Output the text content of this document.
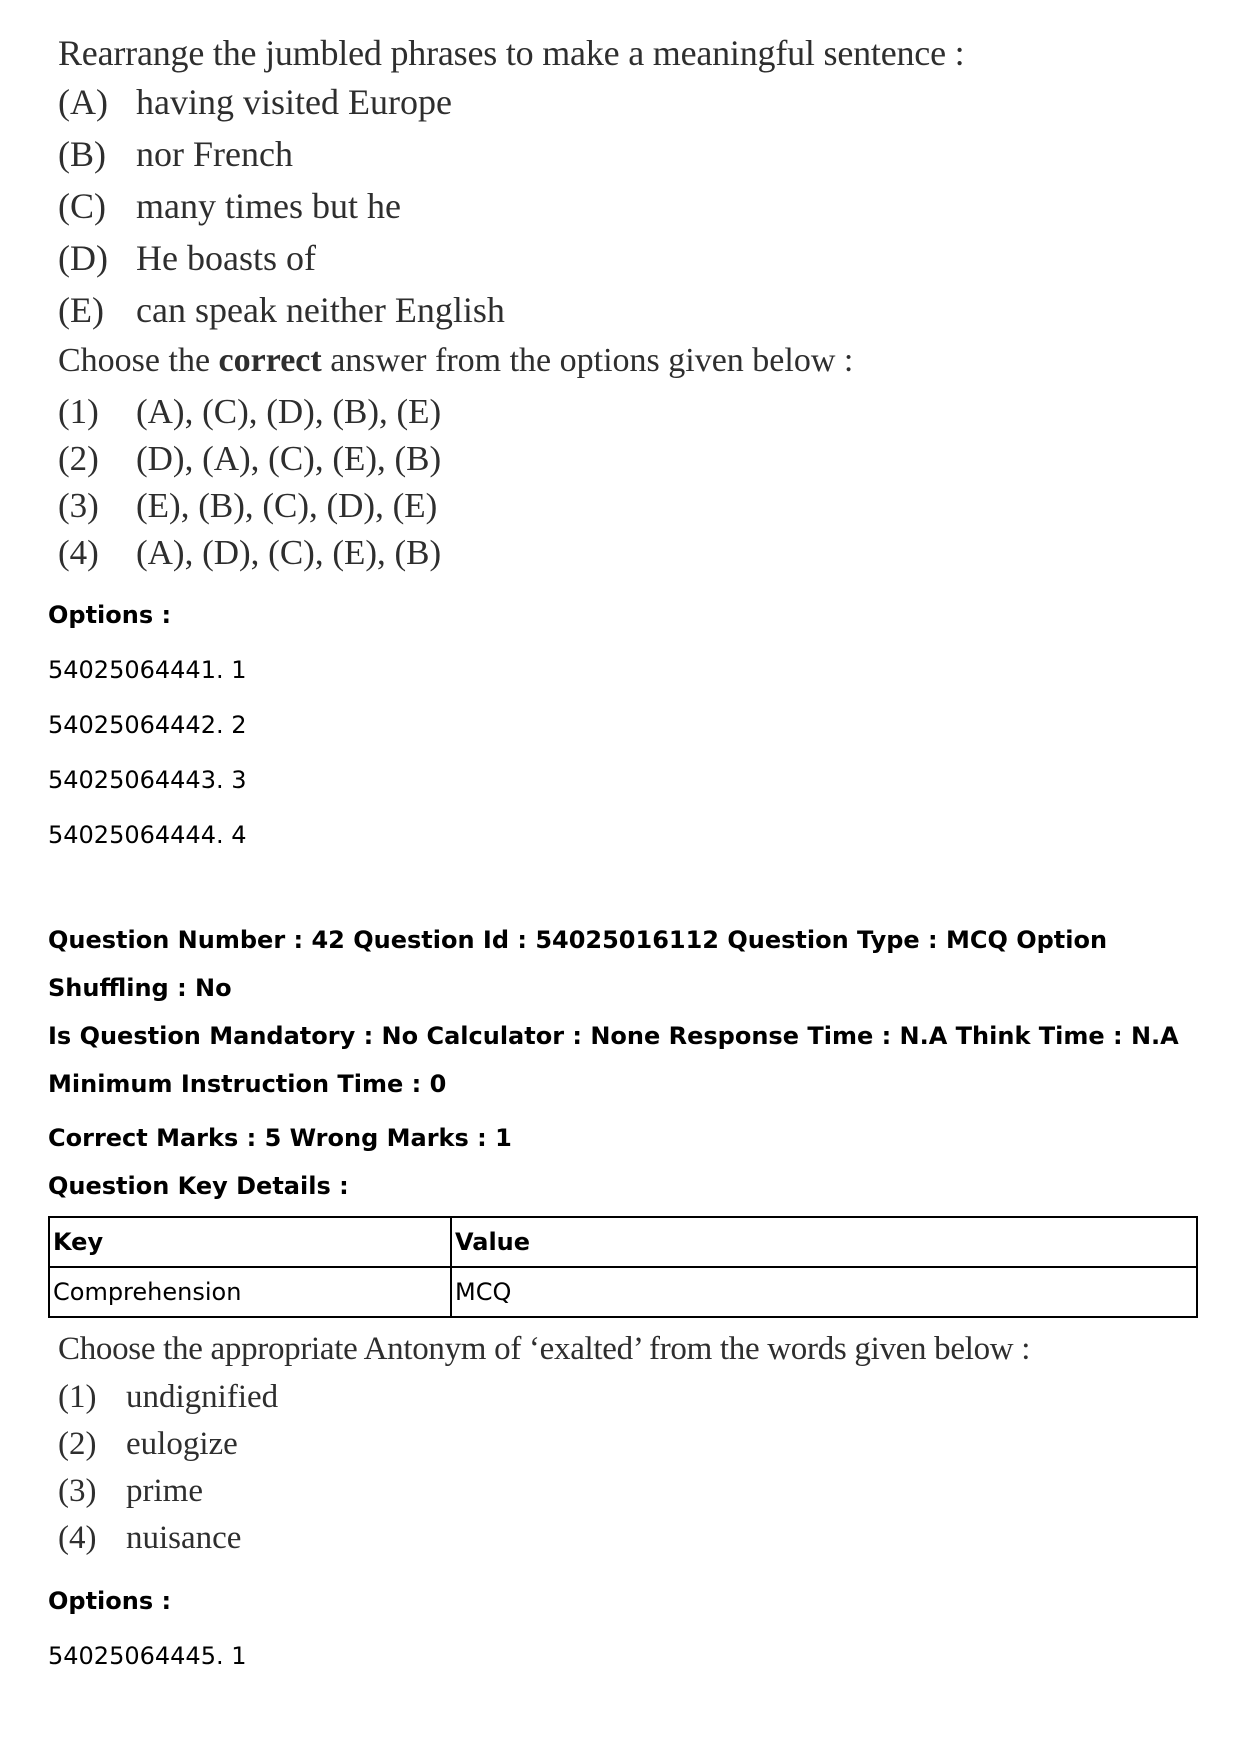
Rearrange the jumbled phrases to make a meaningful sentence :
(A) having visited Europe
(B) nor French
(C) many times but he
(D) He boasts of
(E) can speak neither English
Choose the correct answer from the options given below :
(1)	(A), (C), (D), (B), (E)
(2)	(D), (A), (C), (E), (B)
(3)	(E), (B), (C), (D), (E)
(4)	(A), (D), (C), (E), (B)
Options :
54025064441. 1
54025064442. 2
54025064443. 3
54025064444. 4
Question Number : 42 Question Id : 54025016112 Question Type : MCQ Option Shuffling : No
Is Question Mandatory : No Calculator : None Response Time : N.A Think Time : N.A
Minimum Instruction Time : 0
Correct Marks : 5 Wrong Marks : 1
Question Key Details :
Key	Value
Comprehension	MCQ
Choose the appropriate Antonym of ‘exalted’ from the words given below :
(1) undignified
(2) eulogize
(3) prime
(4) nuisance
Options :
54025064445. 1
